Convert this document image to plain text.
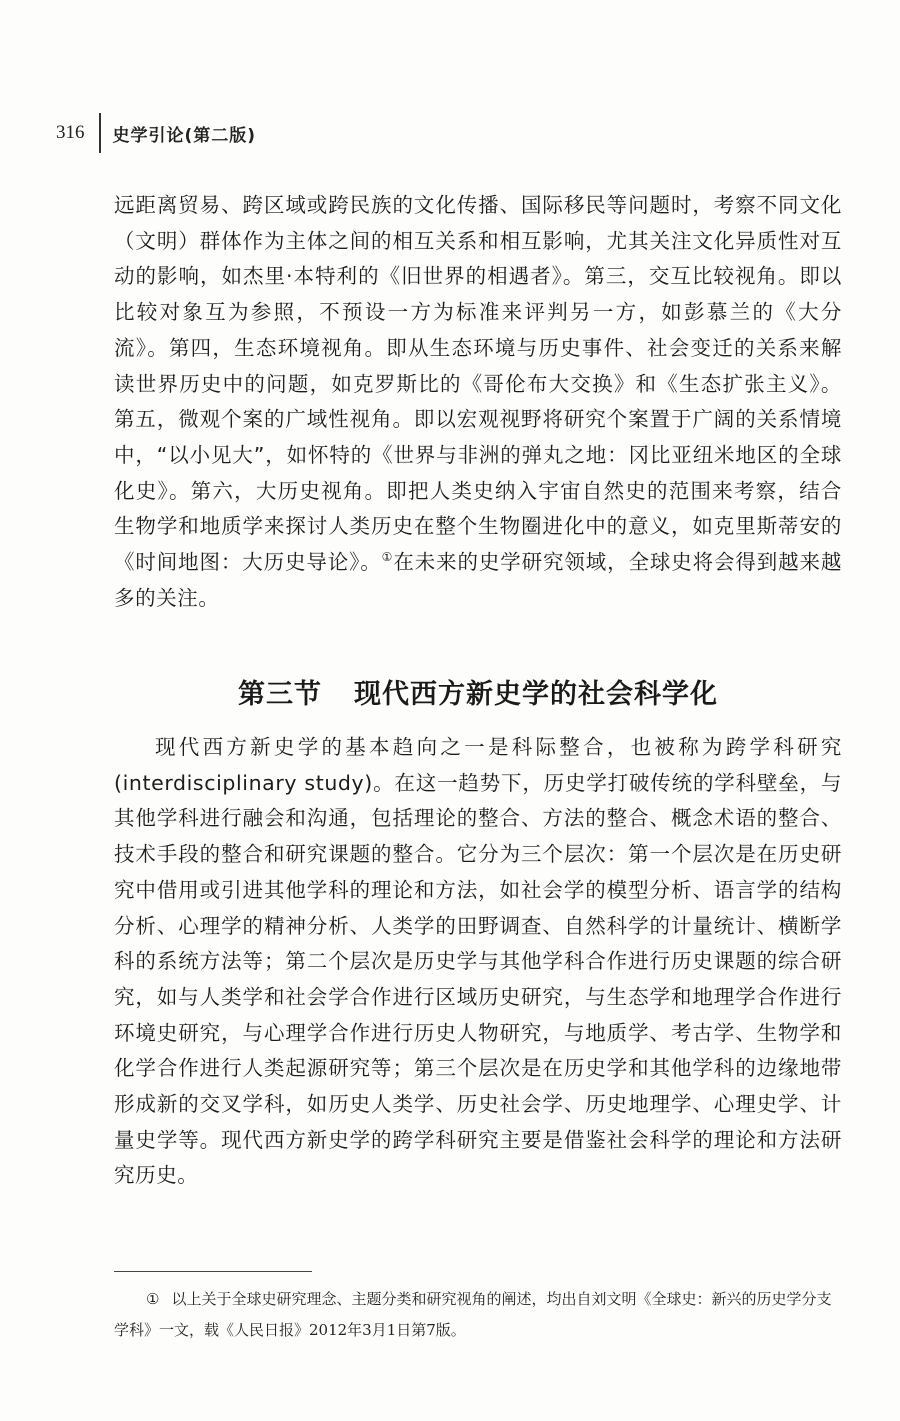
316	史学引论(第二版)

远距离贸易、跨区域或跨民族的文化传播、国际移民等问题时，考察不同文化（文明）群体作为主体之间的相互关系和相互影响，尤其关注文化异质性对互动的影响，如杰里·本特利的《旧世界的相遇者》。第三，交互比较视角。即以比较对象互为参照，不预设一方为标准来评判另一方，如彭慕兰的《大分流》。第四，生态环境视角。即从生态环境与历史事件、社会变迁的关系来解读世界历史中的问题，如克罗斯比的《哥伦布大交换》和《生态扩张主义》。第五，微观个案的广域性视角。即以宏观视野将研究个案置于广阔的关系情境中，“以小见大”，如怀特的《世界与非洲的弹丸之地：冈比亚纽米地区的全球化史》。第六，大历史视角。即把人类史纳入宇宙自然史的范围来考察，结合生物学和地质学来探讨人类历史在整个生物圈进化中的意义，如克里斯蒂安的《时间地图：大历史导论》。①在未来的史学研究领域，全球史将会得到越来越多的关注。

第三节 现代西方新史学的社会科学化

现代西方新史学的基本趋向之一是科际整合，也被称为跨学科研究(interdisciplinary study)。在这一趋势下，历史学打破传统的学科壁垒，与其他学科进行融会和沟通，包括理论的整合、方法的整合、概念术语的整合、技术手段的整合和研究课题的整合。它分为三个层次：第一个层次是在历史研究中借用或引进其他学科的理论和方法，如社会学的模型分析、语言学的结构分析、心理学的精神分析、人类学的田野调查、自然科学的计量统计、横断学科的系统方法等；第二个层次是历史学与其他学科合作进行历史课题的综合研究，如与人类学和社会学合作进行区域历史研究，与生态学和地理学合作进行环境史研究，与心理学合作进行历史人物研究，与地质学、考古学、生物学和化学合作进行人类起源研究等；第三个层次是在历史学和其他学科的边缘地带形成新的交叉学科，如历史人类学、历史社会学、历史地理学、心理史学、计量史学等。现代西方新史学的跨学科研究主要是借鉴社会科学的理论和方法研究历史。

① 以上关于全球史研究理念、主题分类和研究视角的阐述，均出自刘文明《全球史：新兴的历史学分支学科》一文，载《人民日报》2012年3月1日第7版。
